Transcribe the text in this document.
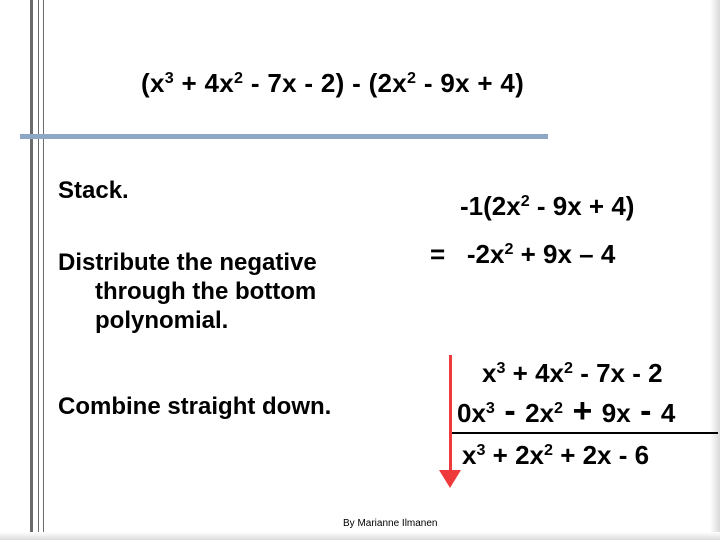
$(x^3 + 4x^2 - 7x - 2) - (2x^2 - 9x + 4)$
Stack.
Distribute the negative
through the bottom
polynomial.
Combine straight down.
$-1(2x^2 - 9x + 4)$
=   $-2x^2 + 9x - 4$
$x^3 + 4x^2 - 7x - 2$
$0x^3 - 2x^2 + 9x - 4$
$x^3 + 2x^2 + 2x - 6$
By Marianne Ilmanen
